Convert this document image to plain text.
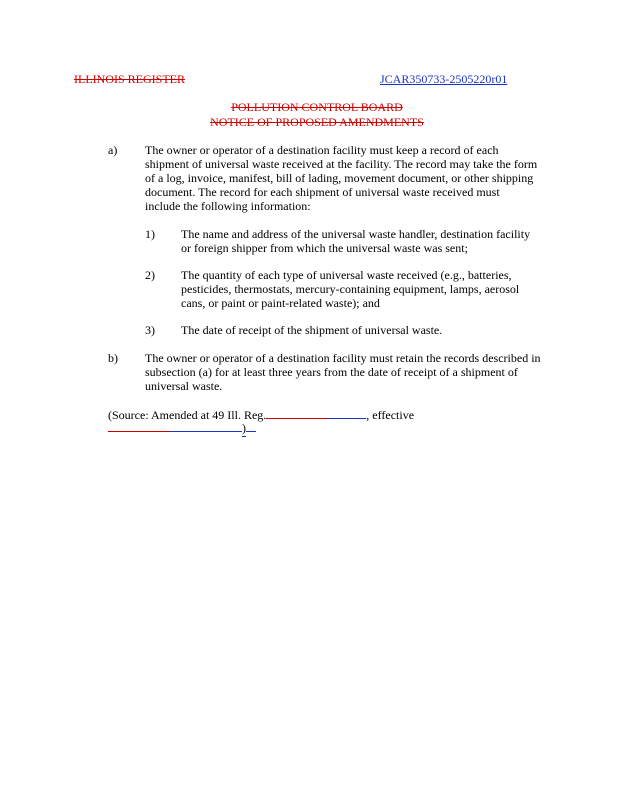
ILLINOIS REGISTER	JCAR350733-2505220r01
POLLUTION CONTROL BOARD
NOTICE OF PROPOSED AMENDMENTS
a) The owner or operator of a destination facility must keep a record of each
shipment of universal waste received at the facility. The record may take the form
of a log, invoice, manifest, bill of lading, movement document, or other shipping
document. The record for each shipment of universal waste received must
include the following information:
1) The name and address of the universal waste handler, destination facility
or foreign shipper from which the universal waste was sent;
2) The quantity of each type of universal waste received (e.g., batteries,
pesticides, thermostats, mercury-containing equipment, lamps, aerosol
cans, or paint or paint-related waste); and
3) The date of receipt of the shipment of universal waste.
b) The owner or operator of a destination facility must retain the records described in
subsection (a) for at least three years from the date of receipt of a shipment of
universal waste.
(Source: Amended at 49 Ill. Reg.	, effective
)
